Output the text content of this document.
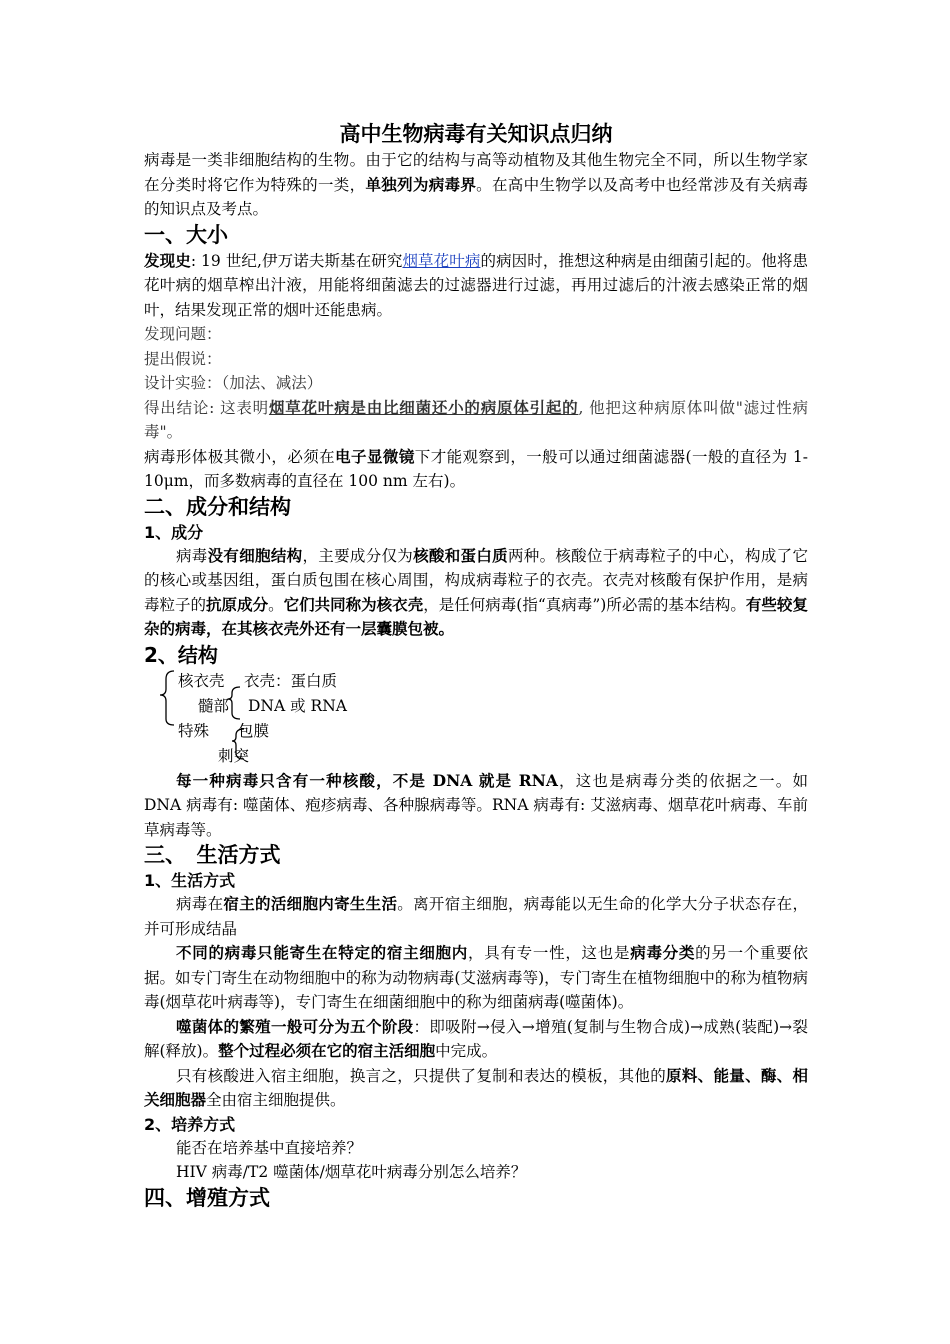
高中生物病毒有关知识点归纳

病毒是一类非细胞结构的生物。由于它的结构与高等动植物及其他生物完全不同，所以生物学家在分类时将它作为特殊的一类，单独列为病毒界。在高中生物学以及高考中也经常涉及有关病毒的知识点及考点。

一、大小

发现史: 19 世纪,伊万诺夫斯基在研究烟草花叶病的病因时，推想这种病是由细菌引起的。他将患花叶病的烟草榨出汁液，用能将细菌滤去的过滤器进行过滤，再用过滤后的汁液去感染正常的烟叶，结果发现正常的烟叶还能患病。

发现问题：

提出假说：

设计实验：（加法、减法）

得出结论: 这表明烟草花叶病是由比细菌还小的病原体引起的, 他把这种病原体叫做"滤过性病毒"。

病毒形体极其微小，必须在电子显微镜下才能观察到，一般可以通过细菌滤器(一般的直径为 1-10μm，而多数病毒的直径在 100 nm 左右)。

二、成分和结构
1、成分

病毒没有细胞结构，主要成分仅为核酸和蛋白质两种。核酸位于病毒粒子的中心，构成了它的核心或基因组，蛋白质包围在核心周围，构成病毒粒子的衣壳。衣壳对核酸有保护作用，是病毒粒子的抗原成分。它们共同称为核衣壳，是任何病毒(指“真病毒”)所必需的基本结构。有些较复杂的病毒，在其核衣壳外还有一层囊膜包被。

2、结构
核衣壳 衣壳：蛋白质
髓部 DNA 或 RNA
特殊 包膜
刺突

每一种病毒只含有一种核酸，不是 DNA 就是 RNA，这也是病毒分类的依据之一。如 DNA 病毒有: 噬菌体、疱疹病毒、各种腺病毒等。RNA 病毒有: 艾滋病毒、烟草花叶病毒、车前草病毒等。

三、　生活方式
1、生活方式

病毒在宿主的活细胞内寄生生活。离开宿主细胞，病毒能以无生命的化学大分子状态存在，并可形成结晶

不同的病毒只能寄生在特定的宿主细胞内，具有专一性，这也是病毒分类的另一个重要依据。如专门寄生在动物细胞中的称为动物病毒(艾滋病毒等)，专门寄生在植物细胞中的称为植物病毒(烟草花叶病毒等)，专门寄生在细菌细胞中的称为细菌病毒(噬菌体)。

噬菌体的繁殖一般可分为五个阶段：即吸附→侵入→增殖(复制与生物合成)→成熟(装配)→裂解(释放)。整个过程必须在它的宿主活细胞中完成。

只有核酸进入宿主细胞，换言之，只提供了复制和表达的模板，其他的原料、能量、酶、相关细胞器全由宿主细胞提供。

2、培养方式

能否在培养基中直接培养？

HIV 病毒/T2 噬菌体/烟草花叶病毒分别怎么培养？

四、增殖方式
